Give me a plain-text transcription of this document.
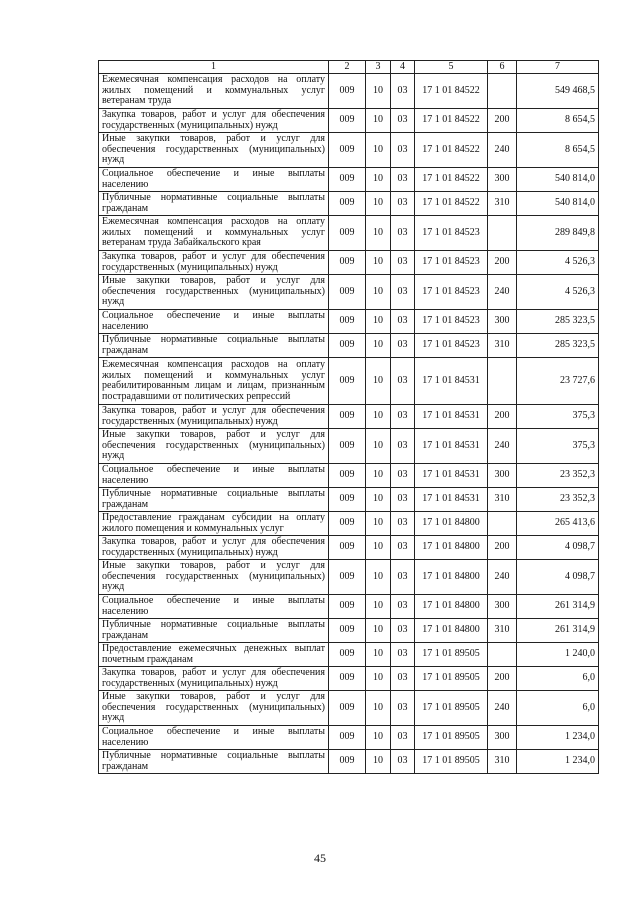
1	2	3	4	5	6	7
Ежемесячная компенсация расходов на оплату жилых помещений и коммунальных услуг ветеранам труда	009	10	03	17 1 01 84522		549 468,5
Закупка товаров, работ и услуг для обеспечения государственных (муниципальных) нужд	009	10	03	17 1 01 84522	200	8 654,5
Иные закупки товаров, работ и услуг для обеспечения государственных (муниципальных) нужд	009	10	03	17 1 01 84522	240	8 654,5
Социальное обеспечение и иные выплаты населению	009	10	03	17 1 01 84522	300	540 814,0
Публичные нормативные социальные выплаты гражданам	009	10	03	17 1 01 84522	310	540 814,0
Ежемесячная компенсация расходов на оплату жилых помещений и коммунальных услуг ветеранам труда Забайкальского края	009	10	03	17 1 01 84523		289 849,8
Закупка товаров, работ и услуг для обеспечения государственных (муниципальных) нужд	009	10	03	17 1 01 84523	200	4 526,3
Иные закупки товаров, работ и услуг для обеспечения государственных (муниципальных) нужд	009	10	03	17 1 01 84523	240	4 526,3
Социальное обеспечение и иные выплаты населению	009	10	03	17 1 01 84523	300	285 323,5
Публичные нормативные социальные выплаты гражданам	009	10	03	17 1 01 84523	310	285 323,5
Ежемесячная компенсация расходов на оплату жилых помещений и коммунальных услуг реабилитированным лицам и лицам, признанным пострадавшими от политических репрессий	009	10	03	17 1 01 84531		23 727,6
Закупка товаров, работ и услуг для обеспечения государственных (муниципальных) нужд	009	10	03	17 1 01 84531	200	375,3
Иные закупки товаров, работ и услуг для обеспечения государственных (муниципальных) нужд	009	10	03	17 1 01 84531	240	375,3
Социальное обеспечение и иные выплаты населению	009	10	03	17 1 01 84531	300	23 352,3
Публичные нормативные социальные выплаты гражданам	009	10	03	17 1 01 84531	310	23 352,3
Предоставление гражданам субсидии на оплату жилого помещения и коммунальных услуг	009	10	03	17 1 01 84800		265 413,6
Закупка товаров, работ и услуг для обеспечения государственных (муниципальных) нужд	009	10	03	17 1 01 84800	200	4 098,7
Иные закупки товаров, работ и услуг для обеспечения государственных (муниципальных) нужд	009	10	03	17 1 01 84800	240	4 098,7
Социальное обеспечение и иные выплаты населению	009	10	03	17 1 01 84800	300	261 314,9
Публичные нормативные социальные выплаты гражданам	009	10	03	17 1 01 84800	310	261 314,9
Предоставление ежемесячных денежных выплат почетным гражданам	009	10	03	17 1 01 89505		1 240,0
Закупка товаров, работ и услуг для обеспечения государственных (муниципальных) нужд	009	10	03	17 1 01 89505	200	6,0
Иные закупки товаров, работ и услуг для обеспечения государственных (муниципальных) нужд	009	10	03	17 1 01 89505	240	6,0
Социальное обеспечение и иные выплаты населению	009	10	03	17 1 01 89505	300	1 234,0
Публичные нормативные социальные выплаты гражданам	009	10	03	17 1 01 89505	310	1 234,0
45
